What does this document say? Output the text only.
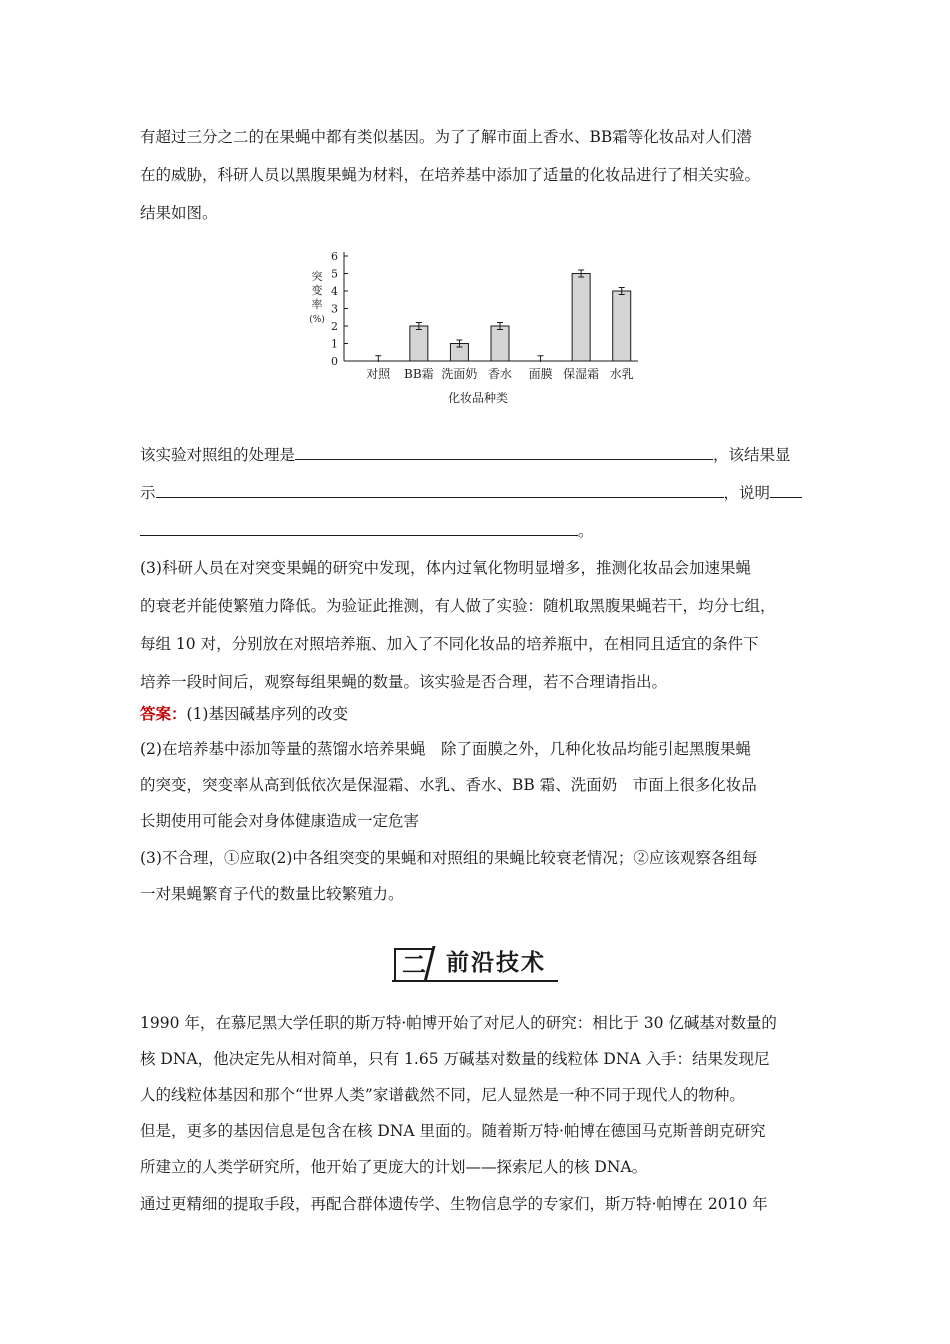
有超过三分之二的在果蝇中都有类似基因。为了了解市面上香水、BB霜等化妆品对人们潜
在的威胁，科研人员以黑腹果蝇为材料，在培养基中添加了适量的化妆品进行了相关实验。
结果如图。
突
变
率
(%)
0
1
2
3
4
5
6
对照 BB霜 洗面奶 香水 面膜 保湿霜 水乳
化妆品种类
该实验对照组的处理是	，该结果显
示	，说明
。
(3)科研人员在对突变果蝇的研究中发现，体内过氧化物明显增多，推测化妆品会加速果蝇
的衰老并能使繁殖力降低。为验证此推测，有人做了实验：随机取黑腹果蝇若干，均分七组，
每组 10 对，分别放在对照培养瓶、加入了不同化妆品的培养瓶中，在相同且适宜的条件下
培养一段时间后，观察每组果蝇的数量。该实验是否合理，若不合理请指出。
答案：(1)基因碱基序列的改变
(2)在培养基中添加等量的蒸馏水培养果蝇　除了面膜之外，几种化妆品均能引起黑腹果蝇
的突变，突变率从高到低依次是保湿霜、水乳、香水、BB 霜、洗面奶　市面上很多化妆品
长期使用可能会对身体健康造成一定危害
(3)不合理，①应取(2)中各组突变的果蝇和对照组的果蝇比较衰老情况；②应该观察各组每
一对果蝇繁育子代的数量比较繁殖力。
二 前沿技术
1990 年，在慕尼黑大学任职的斯万特·帕博开始了对尼人的研究：相比于 30 亿碱基对数量的
核 DNA，他决定先从相对简单，只有 1.65 万碱基对数量的线粒体 DNA 入手：结果发现尼
人的线粒体基因和那个“世界人类”家谱截然不同，尼人显然是一种不同于现代人的物种。
但是，更多的基因信息是包含在核 DNA 里面的。随着斯万特·帕博在德国马克斯普朗克研究
所建立的人类学研究所，他开始了更庞大的计划——探索尼人的核 DNA。
通过更精细的提取手段，再配合群体遗传学、生物信息学的专家们，斯万特·帕博在 2010 年
